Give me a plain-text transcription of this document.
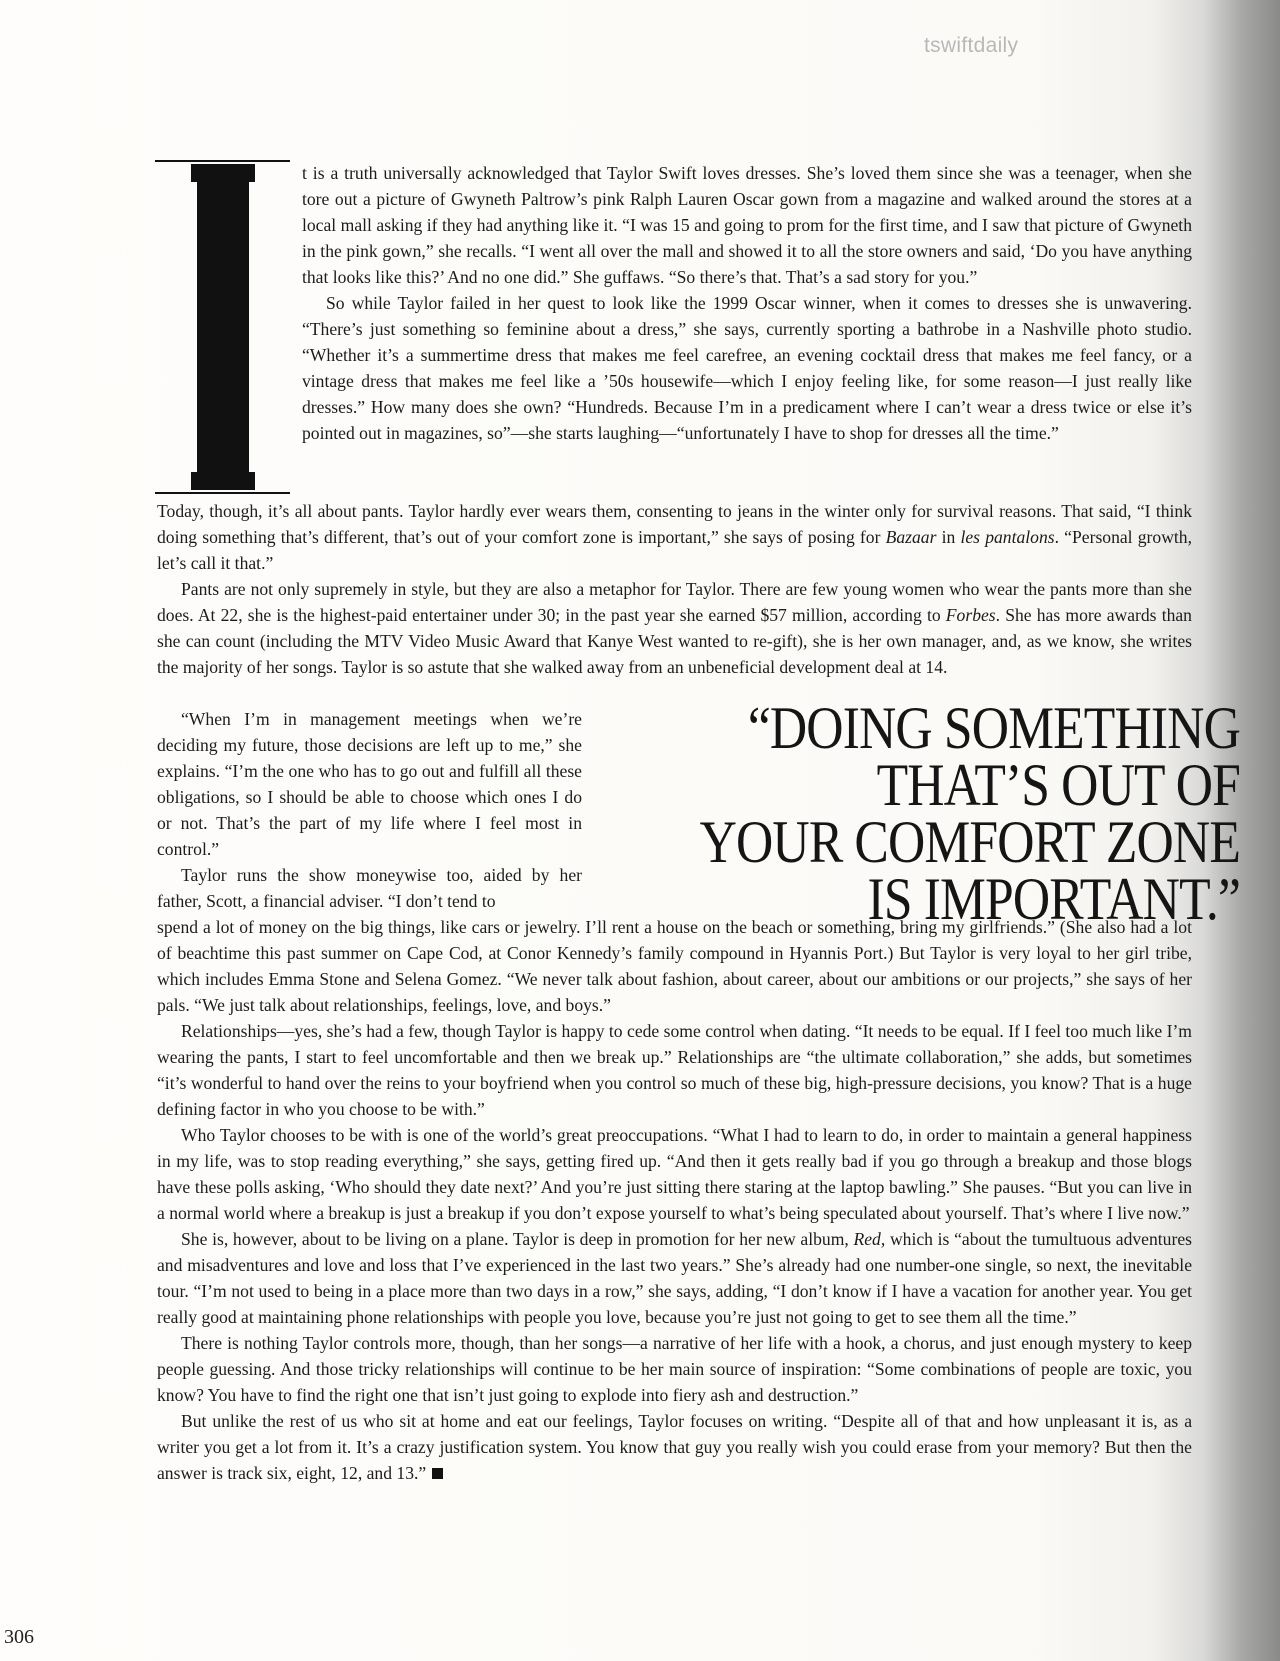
tswiftdaily

t is a truth universally acknowledged that Taylor Swift loves dresses. She’s loved them since she was a teenager, when she tore out a picture of Gwyneth Paltrow’s pink Ralph Lauren Oscar gown from a magazine and walked around the stores at a local mall asking if they had anything like it. “I was 15 and going to prom for the first time, and I saw that picture of Gwyneth in the pink gown,” she recalls. “I went all over the mall and showed it to all the store owners and said, ‘Do you have anything that looks like this?’ And no one did.” She guffaws. “So there’s that. That’s a sad story for you.”

So while Taylor failed in her quest to look like the 1999 Oscar winner, when it comes to dresses she is unwavering. “There’s just something so feminine about a dress,” she says, currently sporting a bathrobe in a Nashville photo studio. “Whether it’s a summertime dress that makes me feel carefree, an evening cocktail dress that makes me feel fancy, or a vintage dress that makes me feel like a ’50s housewife—which I enjoy feeling like, for some reason—I just really like dresses.” How many does she own? “Hundreds. Because I’m in a predicament where I can’t wear a dress twice or else it’s pointed out in magazines, so”—she starts laughing—“unfortunately I have to shop for dresses all the time.”

Today, though, it’s all about pants. Taylor hardly ever wears them, consenting to jeans in the winter only for survival reasons. That said, “I think doing something that’s different, that’s out of your comfort zone is important,” she says of posing for Bazaar in les pantalons. “Personal growth, let’s call it that.”

Pants are not only supremely in style, but they are also a metaphor for Taylor. There are few young women who wear the pants more than she does. At 22, she is the highest-paid entertainer under 30; in the past year she earned $57 million, according to Forbes. She has more awards than she can count (including the MTV Video Music Award that Kanye West wanted to re-gift), she is her own manager, and, as we know, she writes the majority of her songs. Taylor is so astute that she walked away from an unbeneficial development deal at 14.

“When I’m in management meetings when we’re deciding my future, those decisions are left up to me,” she explains. “I’m the one who has to go out and fulfill all these obligations, so I should be able to choose which ones I do or not. That’s the part of my life where I feel most in control.”

Taylor runs the show moneywise too, aided by her father, Scott, a financial adviser. “I don’t tend to

“DOING SOMETHING
THAT’S OUT OF
YOUR COMFORT ZONE
IS IMPORTANT.”

spend a lot of money on the big things, like cars or jewelry. I’ll rent a house on the beach or something, bring my girlfriends.” (She also had a lot of beachtime this past summer on Cape Cod, at Conor Kennedy’s family compound in Hyannis Port.) But Taylor is very loyal to her girl tribe, which includes Emma Stone and Selena Gomez. “We never talk about fashion, about career, about our ambitions or our projects,” she says of her pals. “We just talk about relationships, feelings, love, and boys.”

Relationships—yes, she’s had a few, though Taylor is happy to cede some control when dating. “It needs to be equal. If I feel too much like I’m wearing the pants, I start to feel uncomfortable and then we break up.” Relationships are “the ultimate collaboration,” she adds, but sometimes “it’s wonderful to hand over the reins to your boyfriend when you control so much of these big, high-pressure decisions, you know? That is a huge defining factor in who you choose to be with.”

Who Taylor chooses to be with is one of the world’s great preoccupations. “What I had to learn to do, in order to maintain a general happiness in my life, was to stop reading everything,” she says, getting fired up. “And then it gets really bad if you go through a breakup and those blogs have these polls asking, ‘Who should they date next?’ And you’re just sitting there staring at the laptop bawling.” She pauses. “But you can live in a normal world where a breakup is just a breakup if you don’t expose yourself to what’s being speculated about yourself. That’s where I live now.”

She is, however, about to be living on a plane. Taylor is deep in promotion for her new album, Red, which is “about the tumultuous adventures and misadventures and love and loss that I’ve experienced in the last two years.” She’s already had one number-one single, so next, the inevitable tour. “I’m not used to being in a place more than two days in a row,” she says, adding, “I don’t know if I have a vacation for another year. You get really good at maintaining phone relationships with people you love, because you’re just not going to get to see them all the time.”

There is nothing Taylor controls more, though, than her songs—a narrative of her life with a hook, a chorus, and just enough mystery to keep people guessing. And those tricky relationships will continue to be her main source of inspiration: “Some combinations of people are toxic, you know? You have to find the right one that isn’t just going to explode into fiery ash and destruction.”

But unlike the rest of us who sit at home and eat our feelings, Taylor focuses on writing. “Despite all of that and how unpleasant it is, as a writer you get a lot from it. It’s a crazy justification system. You know that guy you really wish you could erase from your memory? But then the answer is track six, eight, 12, and 13.”

306
